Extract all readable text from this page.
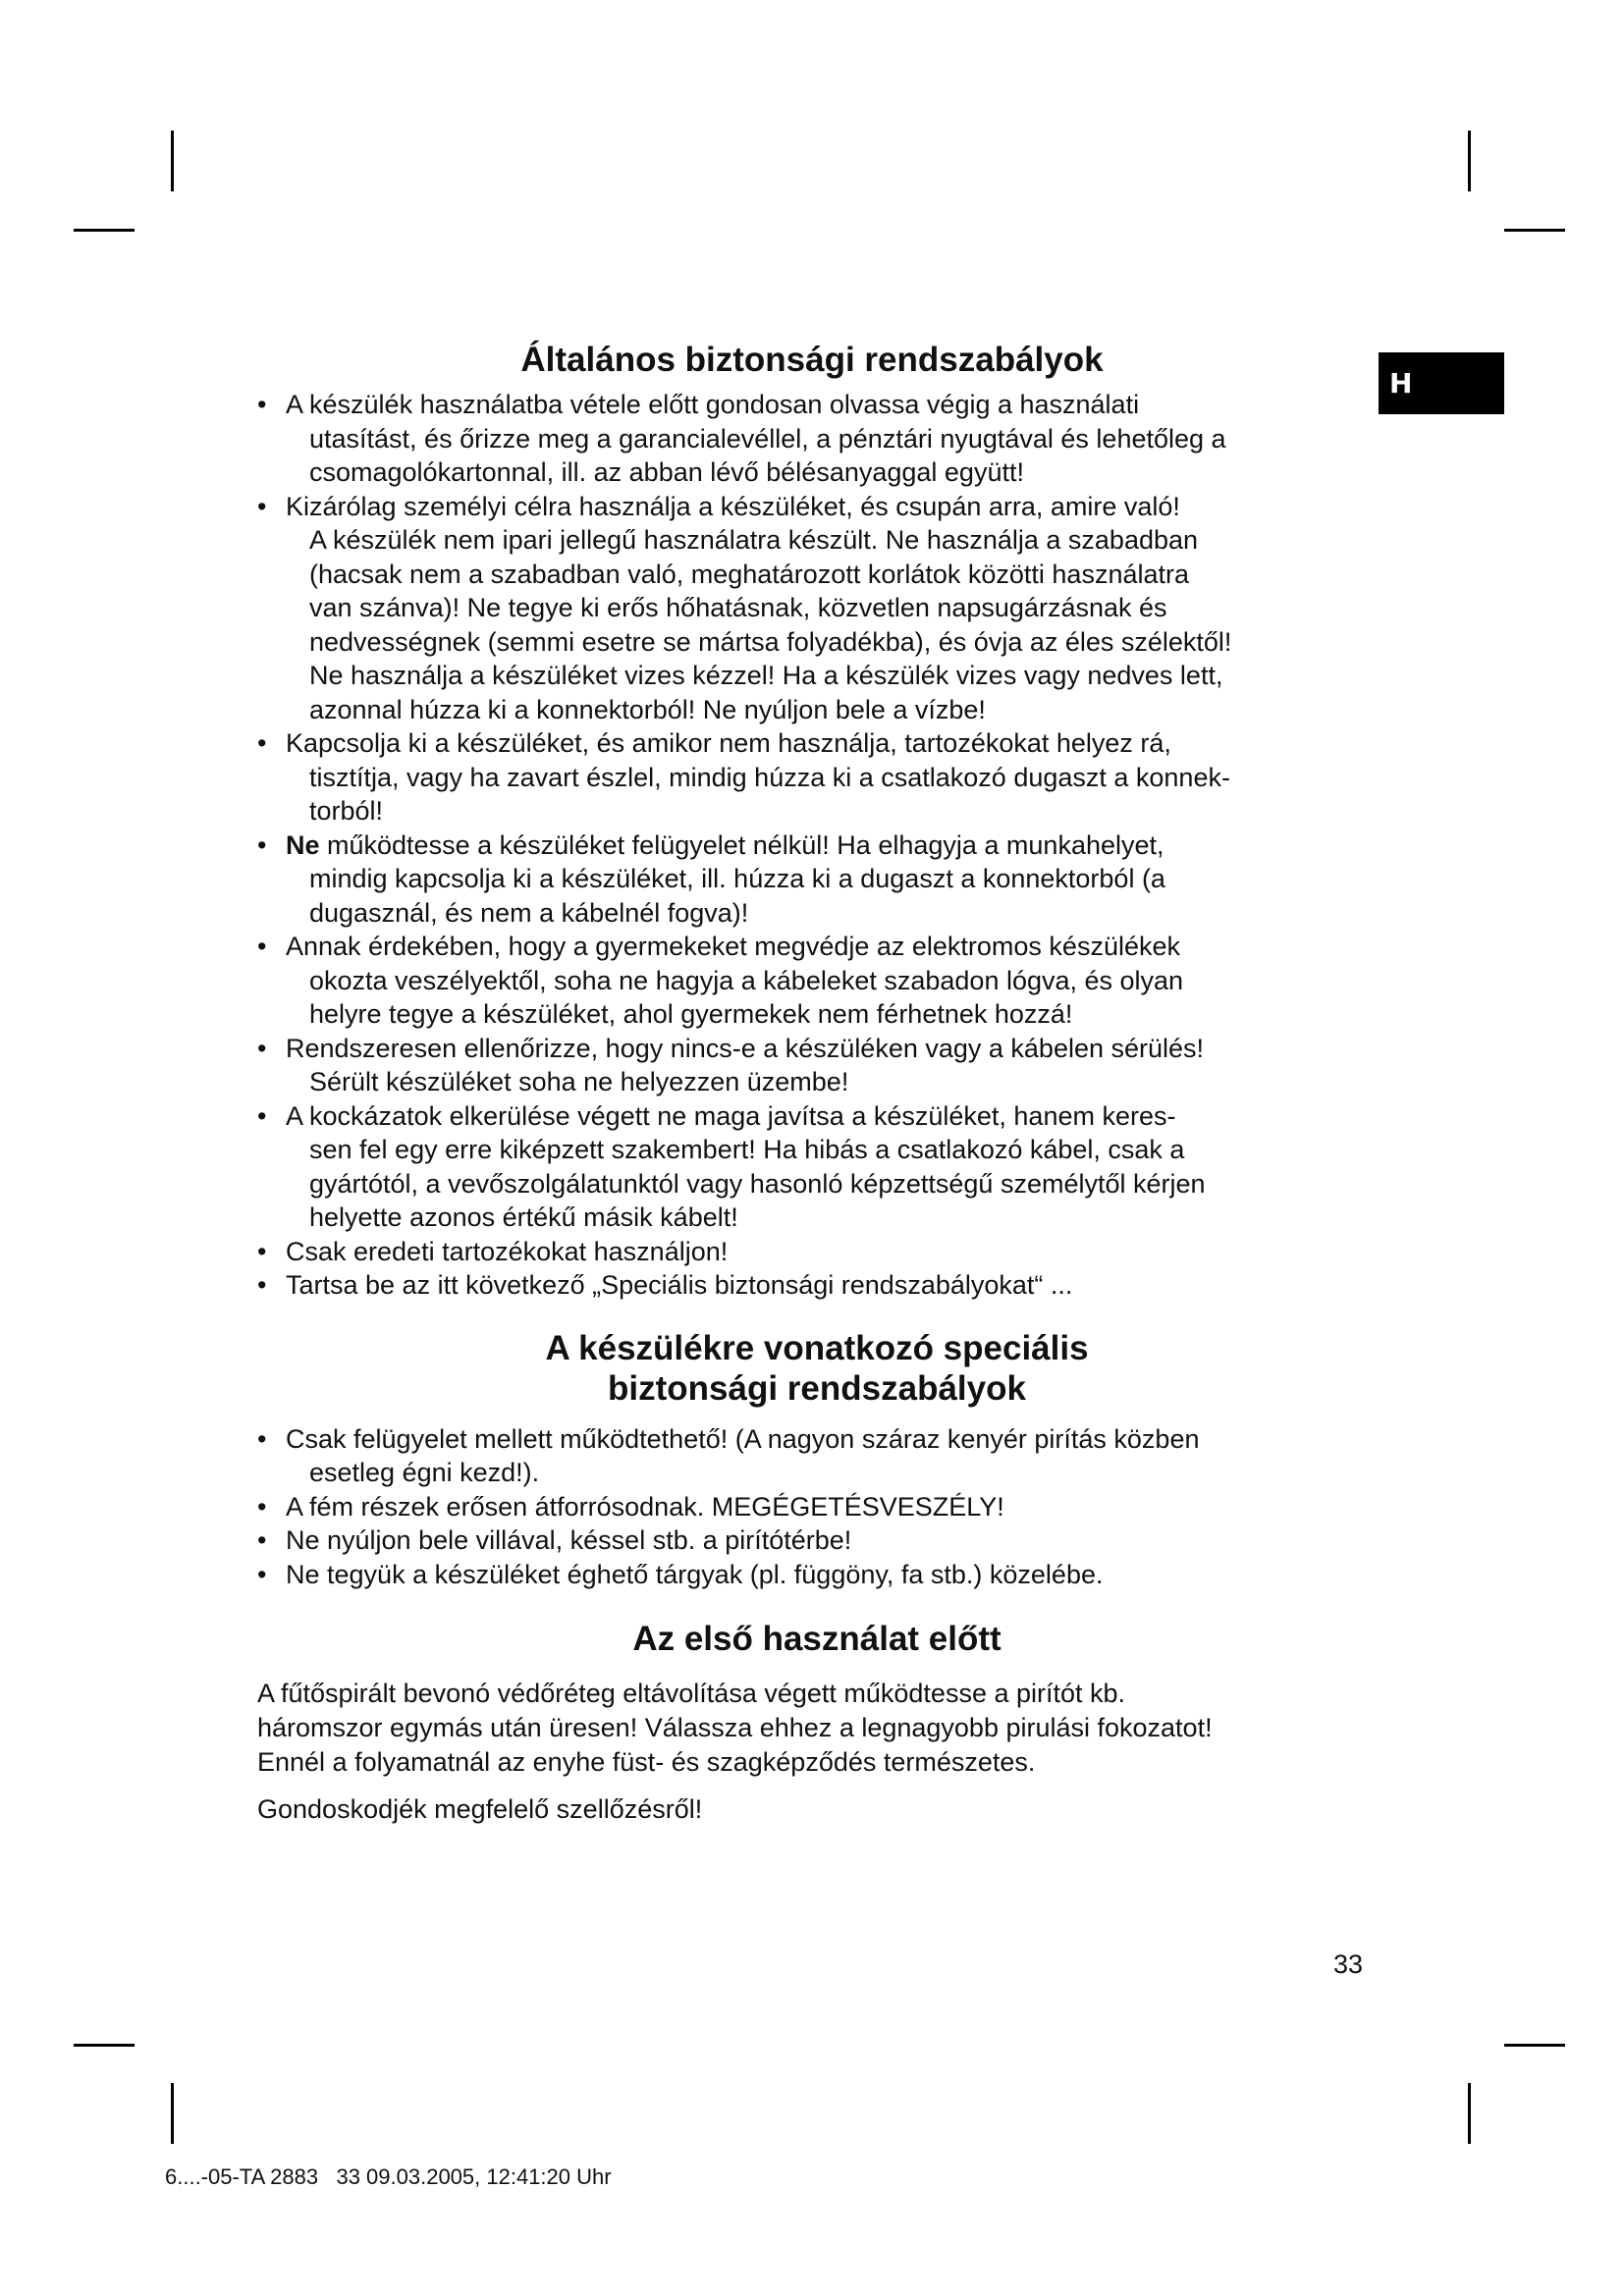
H
Általános biztonsági rendszabályok
• A készülék használatba vétele előtt gondosan olvassa végig a használati
utasítást, és őrizze meg a garancialevéllel, a pénztári nyugtával és lehetőleg a
csomagolókartonnal, ill. az abban lévő bélésanyaggal együtt!
• Kizárólag személyi célra használja a készüléket, és csupán arra, amire való!
A készülék nem ipari jellegű használatra készült. Ne használja a szabadban
(hacsak nem a szabadban való, meghatározott korlátok közötti használatra
van szánva)! Ne tegye ki erős hőhatásnak, közvetlen napsugárzásnak és
nedvességnek (semmi esetre se mártsa folyadékba), és óvja az éles szélektől!
Ne használja a készüléket vizes kézzel! Ha a készülék vizes vagy nedves lett,
azonnal húzza ki a konnektorból! Ne nyúljon bele a vízbe!
• Kapcsolja ki a készüléket, és amikor nem használja, tartozékokat helyez rá,
tisztítja, vagy ha zavart észlel, mindig húzza ki a csatlakozó dugaszt a konnek-
torból!
• Ne működtesse a készüléket felügyelet nélkül! Ha elhagyja a munkahelyet,
mindig kapcsolja ki a készüléket, ill. húzza ki a dugaszt a konnektorból (a
dugasznál, és nem a kábelnél fogva)!
• Annak érdekében, hogy a gyermekeket megvédje az elektromos készülékek
okozta veszélyektől, soha ne hagyja a kábeleket szabadon lógva, és olyan
helyre tegye a készüléket, ahol gyermekek nem férhetnek hozzá!
• Rendszeresen ellenőrizze, hogy nincs-e a készüléken vagy a kábelen sérülés!
Sérült készüléket soha ne helyezzen üzembe!
• A kockázatok elkerülése végett ne maga javítsa a készüléket, hanem keres-
sen fel egy erre kiképzett szakembert! Ha hibás a csatlakozó kábel, csak a
gyártótól, a vevőszolgálatunktól vagy hasonló képzettségű személytől kérjen
helyette azonos értékű másik kábelt!
• Csak eredeti tartozékokat használjon!
• Tartsa be az itt következő „Speciális biztonsági rendszabályokat“ ...
A készülékre vonatkozó speciális
biztonsági rendszabályok
• Csak felügyelet mellett működtethető! (A nagyon száraz kenyér pirítás közben
esetleg égni kezd!).
• A fém részek erősen átforrósodnak. MEGÉGETÉSVESZÉLY!
• Ne nyúljon bele villával, késsel stb. a pirítótérbe!
• Ne tegyük a készüléket éghető tárgyak (pl. függöny, fa stb.) közelébe.
Az első használat előtt

A fűtőspirált bevonó védőréteg eltávolítása végett működtesse a pirítót kb.
háromszor egymás után üresen! Válassza ehhez a legnagyobb pirulási fokozatot!
Ennél a folyamatnál az enyhe füst- és szagképződés természetes.

Gondoskodjék megfelelő szellőzésről!

33
6....-05-TA 2883   33 09.03.2005, 12:41:20 Uhr
